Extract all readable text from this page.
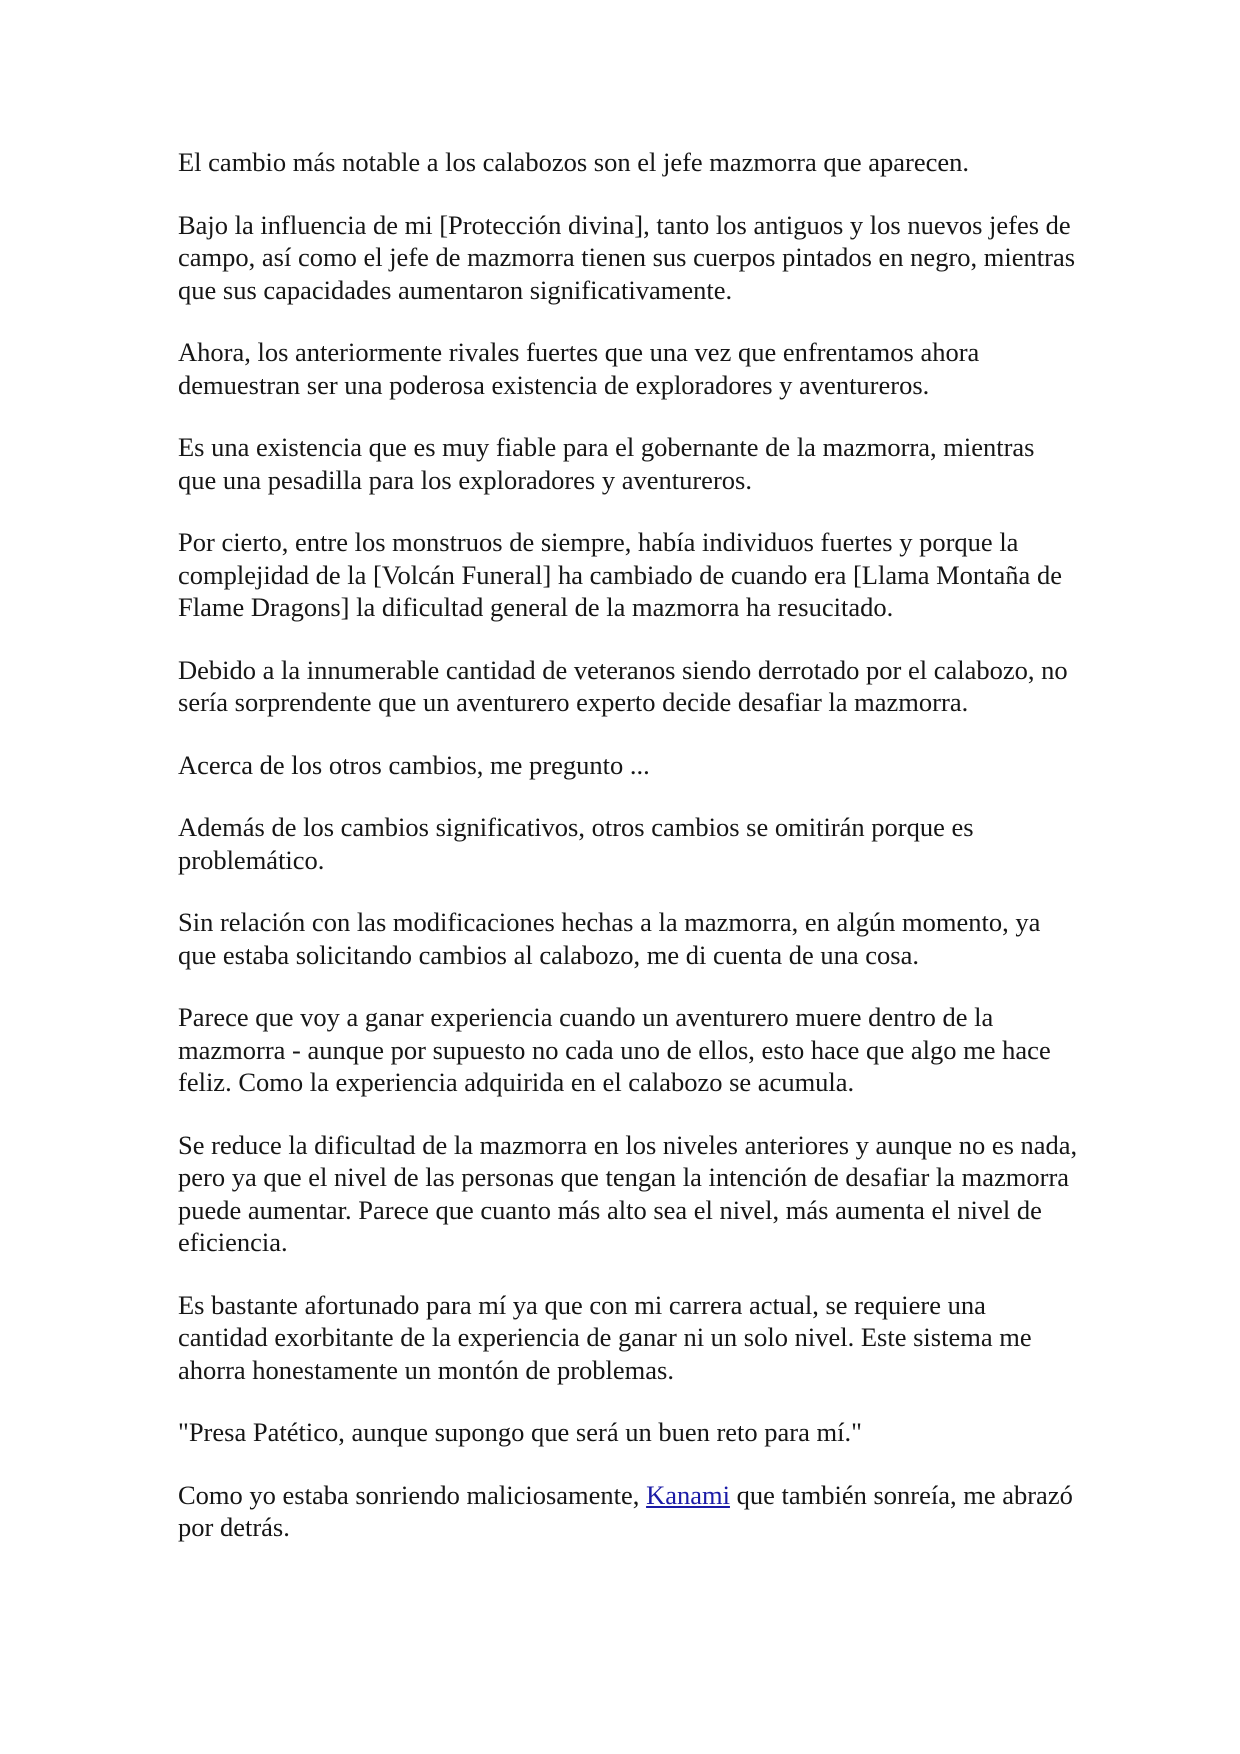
El cambio más notable a los calabozos son el jefe mazmorra que aparecen.

Bajo la influencia de mi [Protección divina], tanto los antiguos y los nuevos jefes de campo, así como el jefe de mazmorra tienen sus cuerpos pintados en negro, mientras que sus capacidades aumentaron significativamente.

Ahora, los anteriormente rivales fuertes que una vez que enfrentamos ahora demuestran ser una poderosa existencia de exploradores y aventureros.

Es una existencia que es muy fiable para el gobernante de la mazmorra, mientras que una pesadilla para los exploradores y aventureros.

Por cierto, entre los monstruos de siempre, había individuos fuertes y porque la complejidad de la [Volcán Funeral] ha cambiado de cuando era [Llama Montaña de Flame Dragons] la dificultad general de la mazmorra ha resucitado.

Debido a la innumerable cantidad de veteranos siendo derrotado por el calabozo, no sería sorprendente que un aventurero experto decide desafiar la mazmorra.

Acerca de los otros cambios, me pregunto ...

Además de los cambios significativos, otros cambios se omitirán porque es problemático.

Sin relación con las modificaciones hechas a la mazmorra, en algún momento, ya que estaba solicitando cambios al calabozo, me di cuenta de una cosa.

Parece que voy a ganar experiencia cuando un aventurero muere dentro de la mazmorra - aunque por supuesto no cada uno de ellos, esto hace que algo me hace feliz. Como la experiencia adquirida en el calabozo se acumula.

Se reduce la dificultad de la mazmorra en los niveles anteriores y aunque no es nada, pero ya que el nivel de las personas que tengan la intención de desafiar la mazmorra puede aumentar. Parece que cuanto más alto sea el nivel, más aumenta el nivel de eficiencia.

Es bastante afortunado para mí ya que con mi carrera actual, se requiere una cantidad exorbitante de la experiencia de ganar ni un solo nivel. Este sistema me ahorra honestamente un montón de problemas.

"Presa Patético, aunque supongo que será un buen reto para mí."

Como yo estaba sonriendo maliciosamente, Kanami que también sonreía, me abrazó por detrás.
